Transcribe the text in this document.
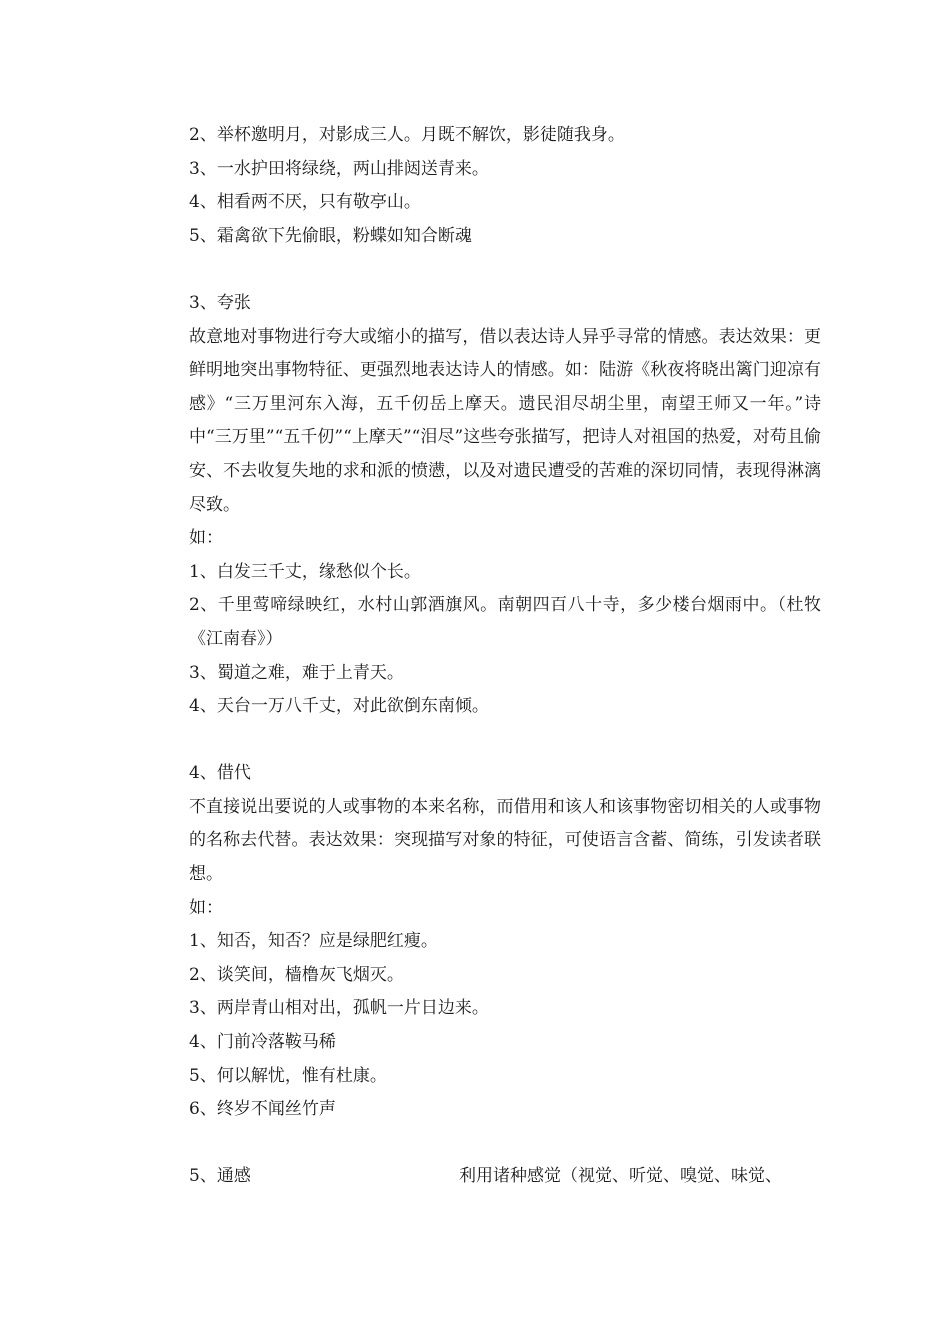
2、举杯邀明月，对影成三人。月既不解饮，影徒随我身。
3、一水护田将绿绕，两山排闼送青来。
4、相看两不厌，只有敬亭山。
5、霜禽欲下先偷眼，粉蝶如知合断魂
3、夸张
故意地对事物进行夸大或缩小的描写，借以表达诗人异乎寻常的情感。表达效果：更鲜明地突出事物特征、更强烈地表达诗人的情感。如：陆游《秋夜将晓出篱门迎凉有感》“三万里河东入海，五千仞岳上摩天。遗民泪尽胡尘里，南望王师又一年。”诗中“三万里”“五千仞”“上摩天”“泪尽”这些夸张描写，把诗人对祖国的热爱，对苟且偷安、不去收复失地的求和派的愤懑，以及对遗民遭受的苦难的深切同情，表现得淋漓尽致。
如：
1、白发三千丈，缘愁似个长。
2、千里莺啼绿映红，水村山郭酒旗风。南朝四百八十寺，多少楼台烟雨中。（杜牧《江南春》）
3、蜀道之难，难于上青天。
4、天台一万八千丈，对此欲倒东南倾。
4、借代
不直接说出要说的人或事物的本来名称，而借用和该人和该事物密切相关的人或事物的名称去代替。表达效果：突现描写对象的特征，可使语言含蓄、简练，引发读者联想。
如：
1、知否，知否？应是绿肥红瘦。
2、谈笑间，樯橹灰飞烟灭。
3、两岸青山相对出，孤帆一片日边来。
4、门前冷落鞍马稀
5、何以解忧，惟有杜康。
6、终岁不闻丝竹声
5、通感	利用诸种感觉（视觉、听觉、嗅觉、味觉、
